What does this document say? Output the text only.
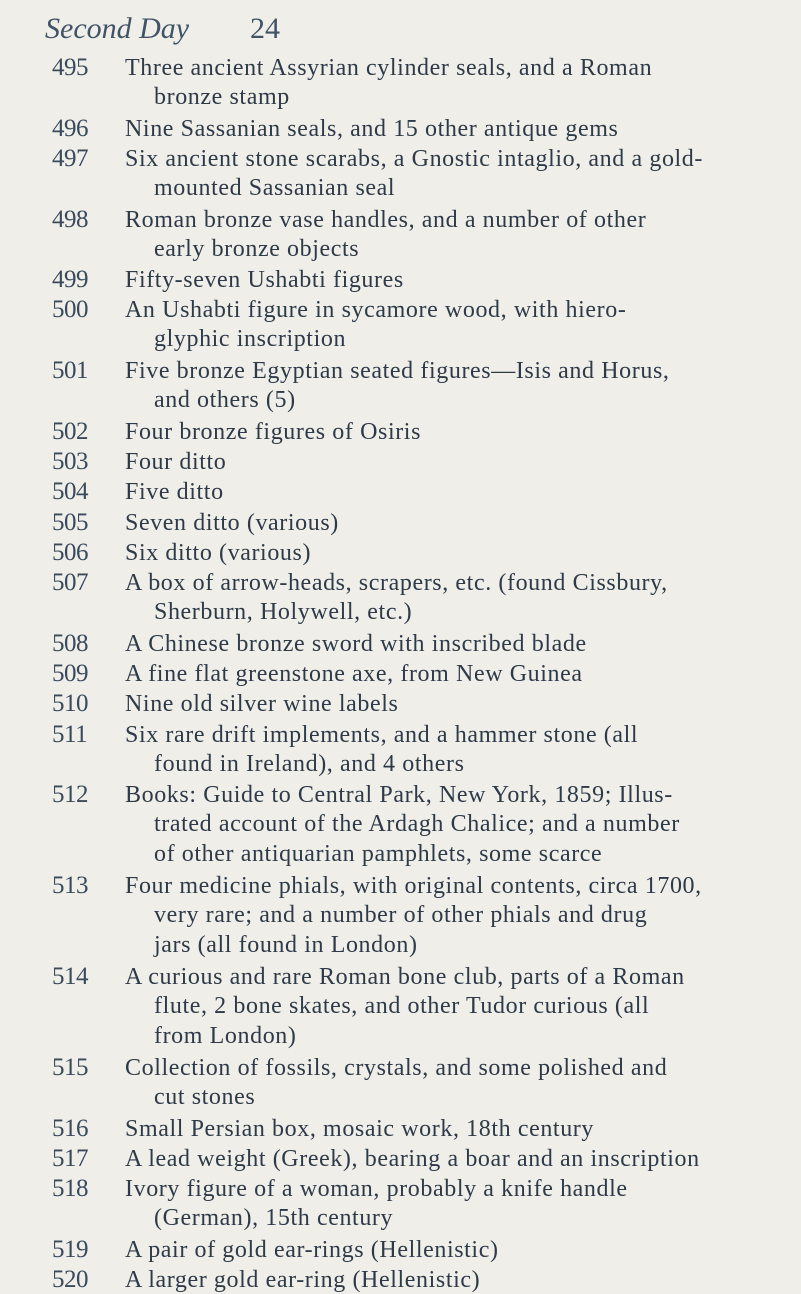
Second Day 24
495 Three ancient Assyrian cylinder seals, and a Roman
bronze stamp
496 Nine Sassanian seals, and 15 other antique gems
497 Six ancient stone scarabs, a Gnostic intaglio, and a gold-
mounted Sassanian seal
498 Roman bronze vase handles, and a number of other
early bronze objects
499 Fifty-seven Ushabti figures
500 An Ushabti figure in sycamore wood, with hiero-
glyphic inscription
501 Five bronze Egyptian seated figures—Isis and Horus,
and others (5)
502 Four bronze figures of Osiris
503 Four ditto
504 Five ditto
505 Seven ditto (various)
506 Six ditto (various)
507 A box of arrow-heads, scrapers, etc. (found Cissbury,
Sherburn, Holywell, etc.)
508 A Chinese bronze sword with inscribed blade
509 A fine flat greenstone axe, from New Guinea
510 Nine old silver wine labels
511 Six rare drift implements, and a hammer stone (all
found in Ireland), and 4 others
512 Books: Guide to Central Park, New York, 1859; Illus-
trated account of the Ardagh Chalice; and a number
of other antiquarian pamphlets, some scarce
513 Four medicine phials, with original contents, circa 1700,
very rare; and a number of other phials and drug
jars (all found in London)
514 A curious and rare Roman bone club, parts of a Roman
flute, 2 bone skates, and other Tudor curious (all
from London)
515 Collection of fossils, crystals, and some polished and
cut stones
516 Small Persian box, mosaic work, 18th century
517 A lead weight (Greek), bearing a boar and an inscription
518 Ivory figure of a woman, probably a knife handle
(German), 15th century
519 A pair of gold ear-rings (Hellenistic)
520 A larger gold ear-ring (Hellenistic)
